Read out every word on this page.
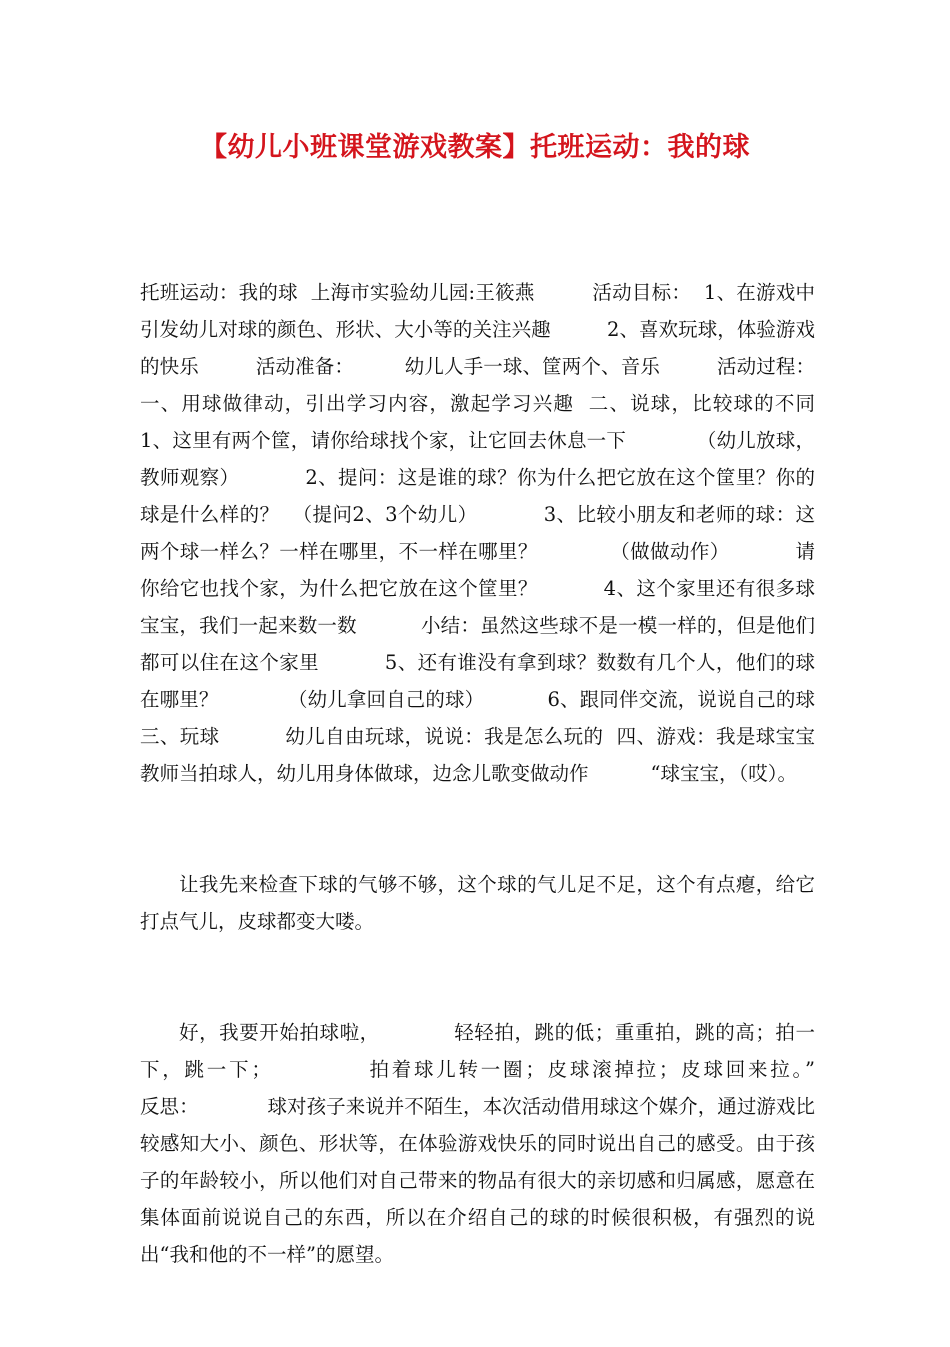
【幼儿小班课堂游戏教案】托班运动：我的球

托班运动：我的球  上海市实验幼儿园:王筱燕         活动目标：  1、在游戏中引发幼儿对球的颜色、形状、大小等的关注兴趣         2、喜欢玩球，体验游戏的快乐         活动准备：        幼儿人手一球、筐两个、音乐         活动过程：  一、用球做律动，引出学习内容，激起学习兴趣  二、说球，比较球的不同         1、这里有两个筐，请你给球找个家，让它回去休息一下           （幼儿放球，教师观察）          2、提问：这是谁的球？你为什么把它放在这个筐里？你的球是什么样的？  （提问2、3个幼儿）          3、比较小朋友和老师的球：这两个球一样么？一样在哪里，不一样在哪里？           （做做动作）          请你给它也找个家，为什么把它放在这个筐里？          4、这个家里还有很多球宝宝，我们一起来数一数          小结：虽然这些球不是一模一样的，但是他们都可以住在这个家里          5、还有谁没有拿到球？数数有几个人，他们的球在哪里？           （幼儿拿回自己的球）          6、跟同伴交流，说说自己的球            三、玩球          幼儿自由玩球，说说：我是怎么玩的  四、游戏：我是球宝宝          教师当拍球人，幼儿用身体做球，边念儿歌变做动作          “球宝宝，（哎）。

让我先来检查下球的气够不够，这个球的气儿足不足，这个有点瘪，给它打点气儿，皮球都变大喽。

好，我要开始拍球啦，           轻轻拍，跳的低；重重拍，跳的高；拍一下，跳一下；           拍着球儿转一圈；皮球滚掉拉；皮球回来拉。”             反思：           球对孩子来说并不陌生，本次活动借用球这个媒介，通过游戏比较感知大小、颜色、形状等，在体验游戏快乐的同时说出自己的感受。由于孩子的年龄较小，所以他们对自己带来的物品有很大的亲切感和归属感，愿意在集体面前说说自己的东西，所以在介绍自己的球的时候很积极，有强烈的说出“我和他的不一样”的愿望。
